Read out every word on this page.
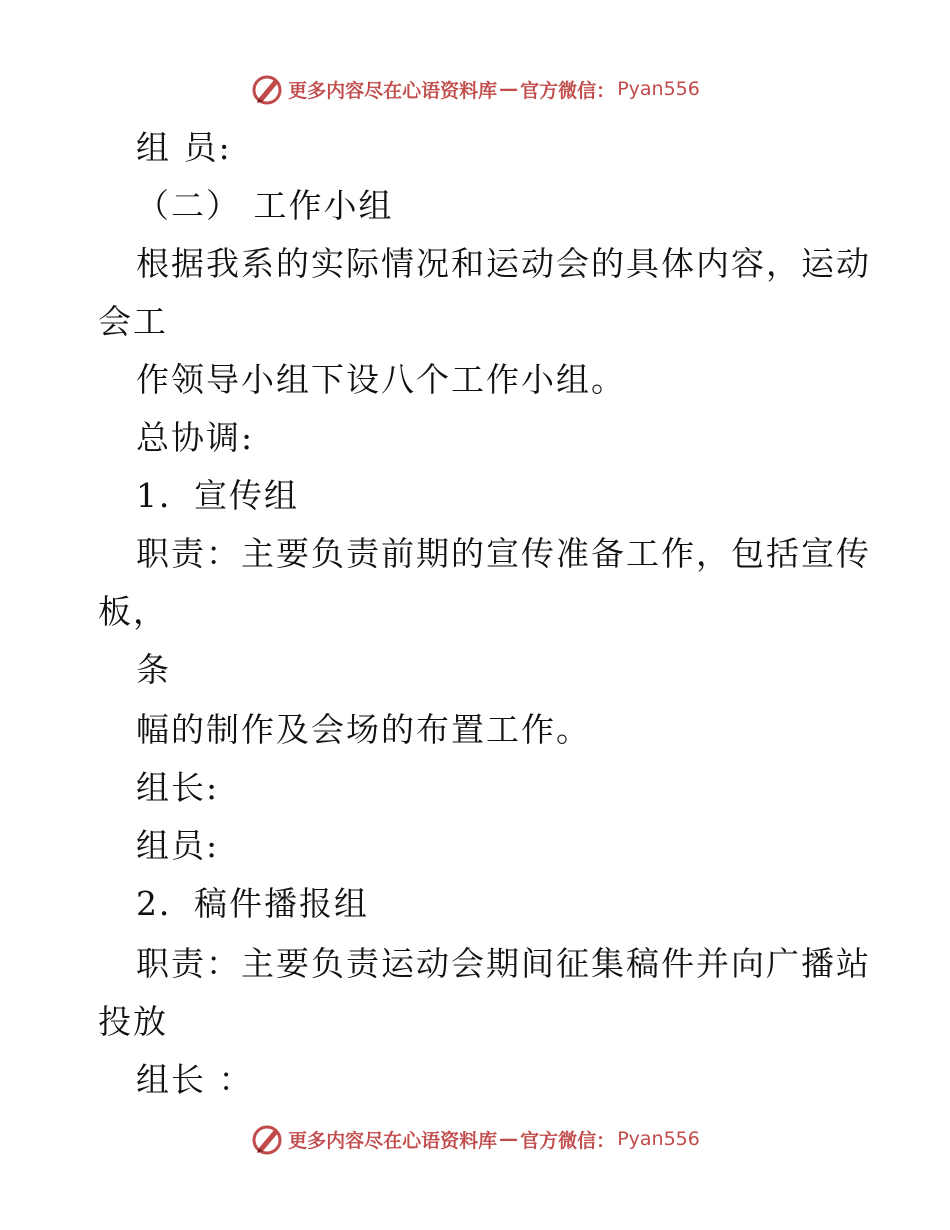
更多内容尽在心语资料库 — 官方微信： Pyan556
组 员:
（二） 工作小组
根据我系的实际情况和运动会的具体内容，运动
会工
作领导小组下设八个工作小组。
总协调:
1．宣传组
职责：主要负责前期的宣传准备工作，包括宣传
板，
条
幅的制作及会场的布置工作。
组长:
组员:
2．稿件播报组
职责：主要负责运动会期间征集稿件并向广播站
投放
组长 ：
更多内容尽在心语资料库 — 官方微信： Pyan556
